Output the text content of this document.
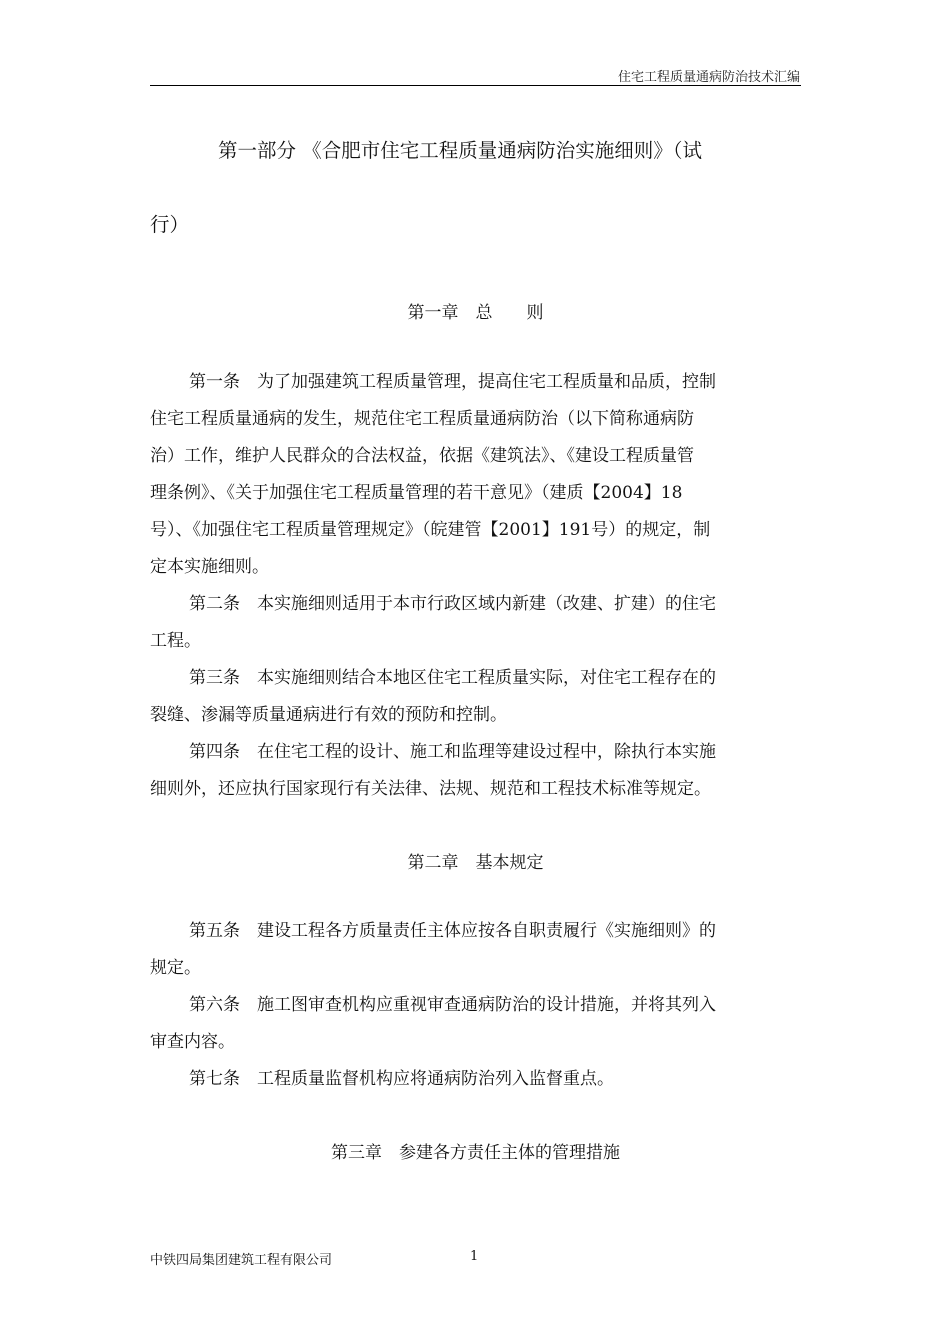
住宅工程质量通病防治技术汇编
第一部分 《合肥市住宅工程质量通病防治实施细则》（试
行）
第一章　总　　则
第一条　为了加强建筑工程质量管理，提高住宅工程质量和品质，控制
住宅工程质量通病的发生，规范住宅工程质量通病防治（以下简称通病防
治）工作，维护人民群众的合法权益，依据《建筑法》、《建设工程质量管
理条例》、《关于加强住宅工程质量管理的若干意见》（建质【2004】18
号）、《加强住宅工程质量管理规定》（皖建管【2001】191号）的规定，制
定本实施细则。
第二条　本实施细则适用于本市行政区域内新建（改建、扩建）的住宅
工程。
第三条　本实施细则结合本地区住宅工程质量实际，对住宅工程存在的
裂缝、渗漏等质量通病进行有效的预防和控制。
第四条　在住宅工程的设计、施工和监理等建设过程中，除执行本实施
细则外，还应执行国家现行有关法律、法规、规范和工程技术标准等规定。
第二章　基本规定
第五条　建设工程各方质量责任主体应按各自职责履行《实施细则》的
规定。
第六条　施工图审查机构应重视审查通病防治的设计措施，并将其列入
审查内容。
第七条　工程质量监督机构应将通病防治列入监督重点。
第三章　参建各方责任主体的管理措施
中铁四局集团建筑工程有限公司	1
